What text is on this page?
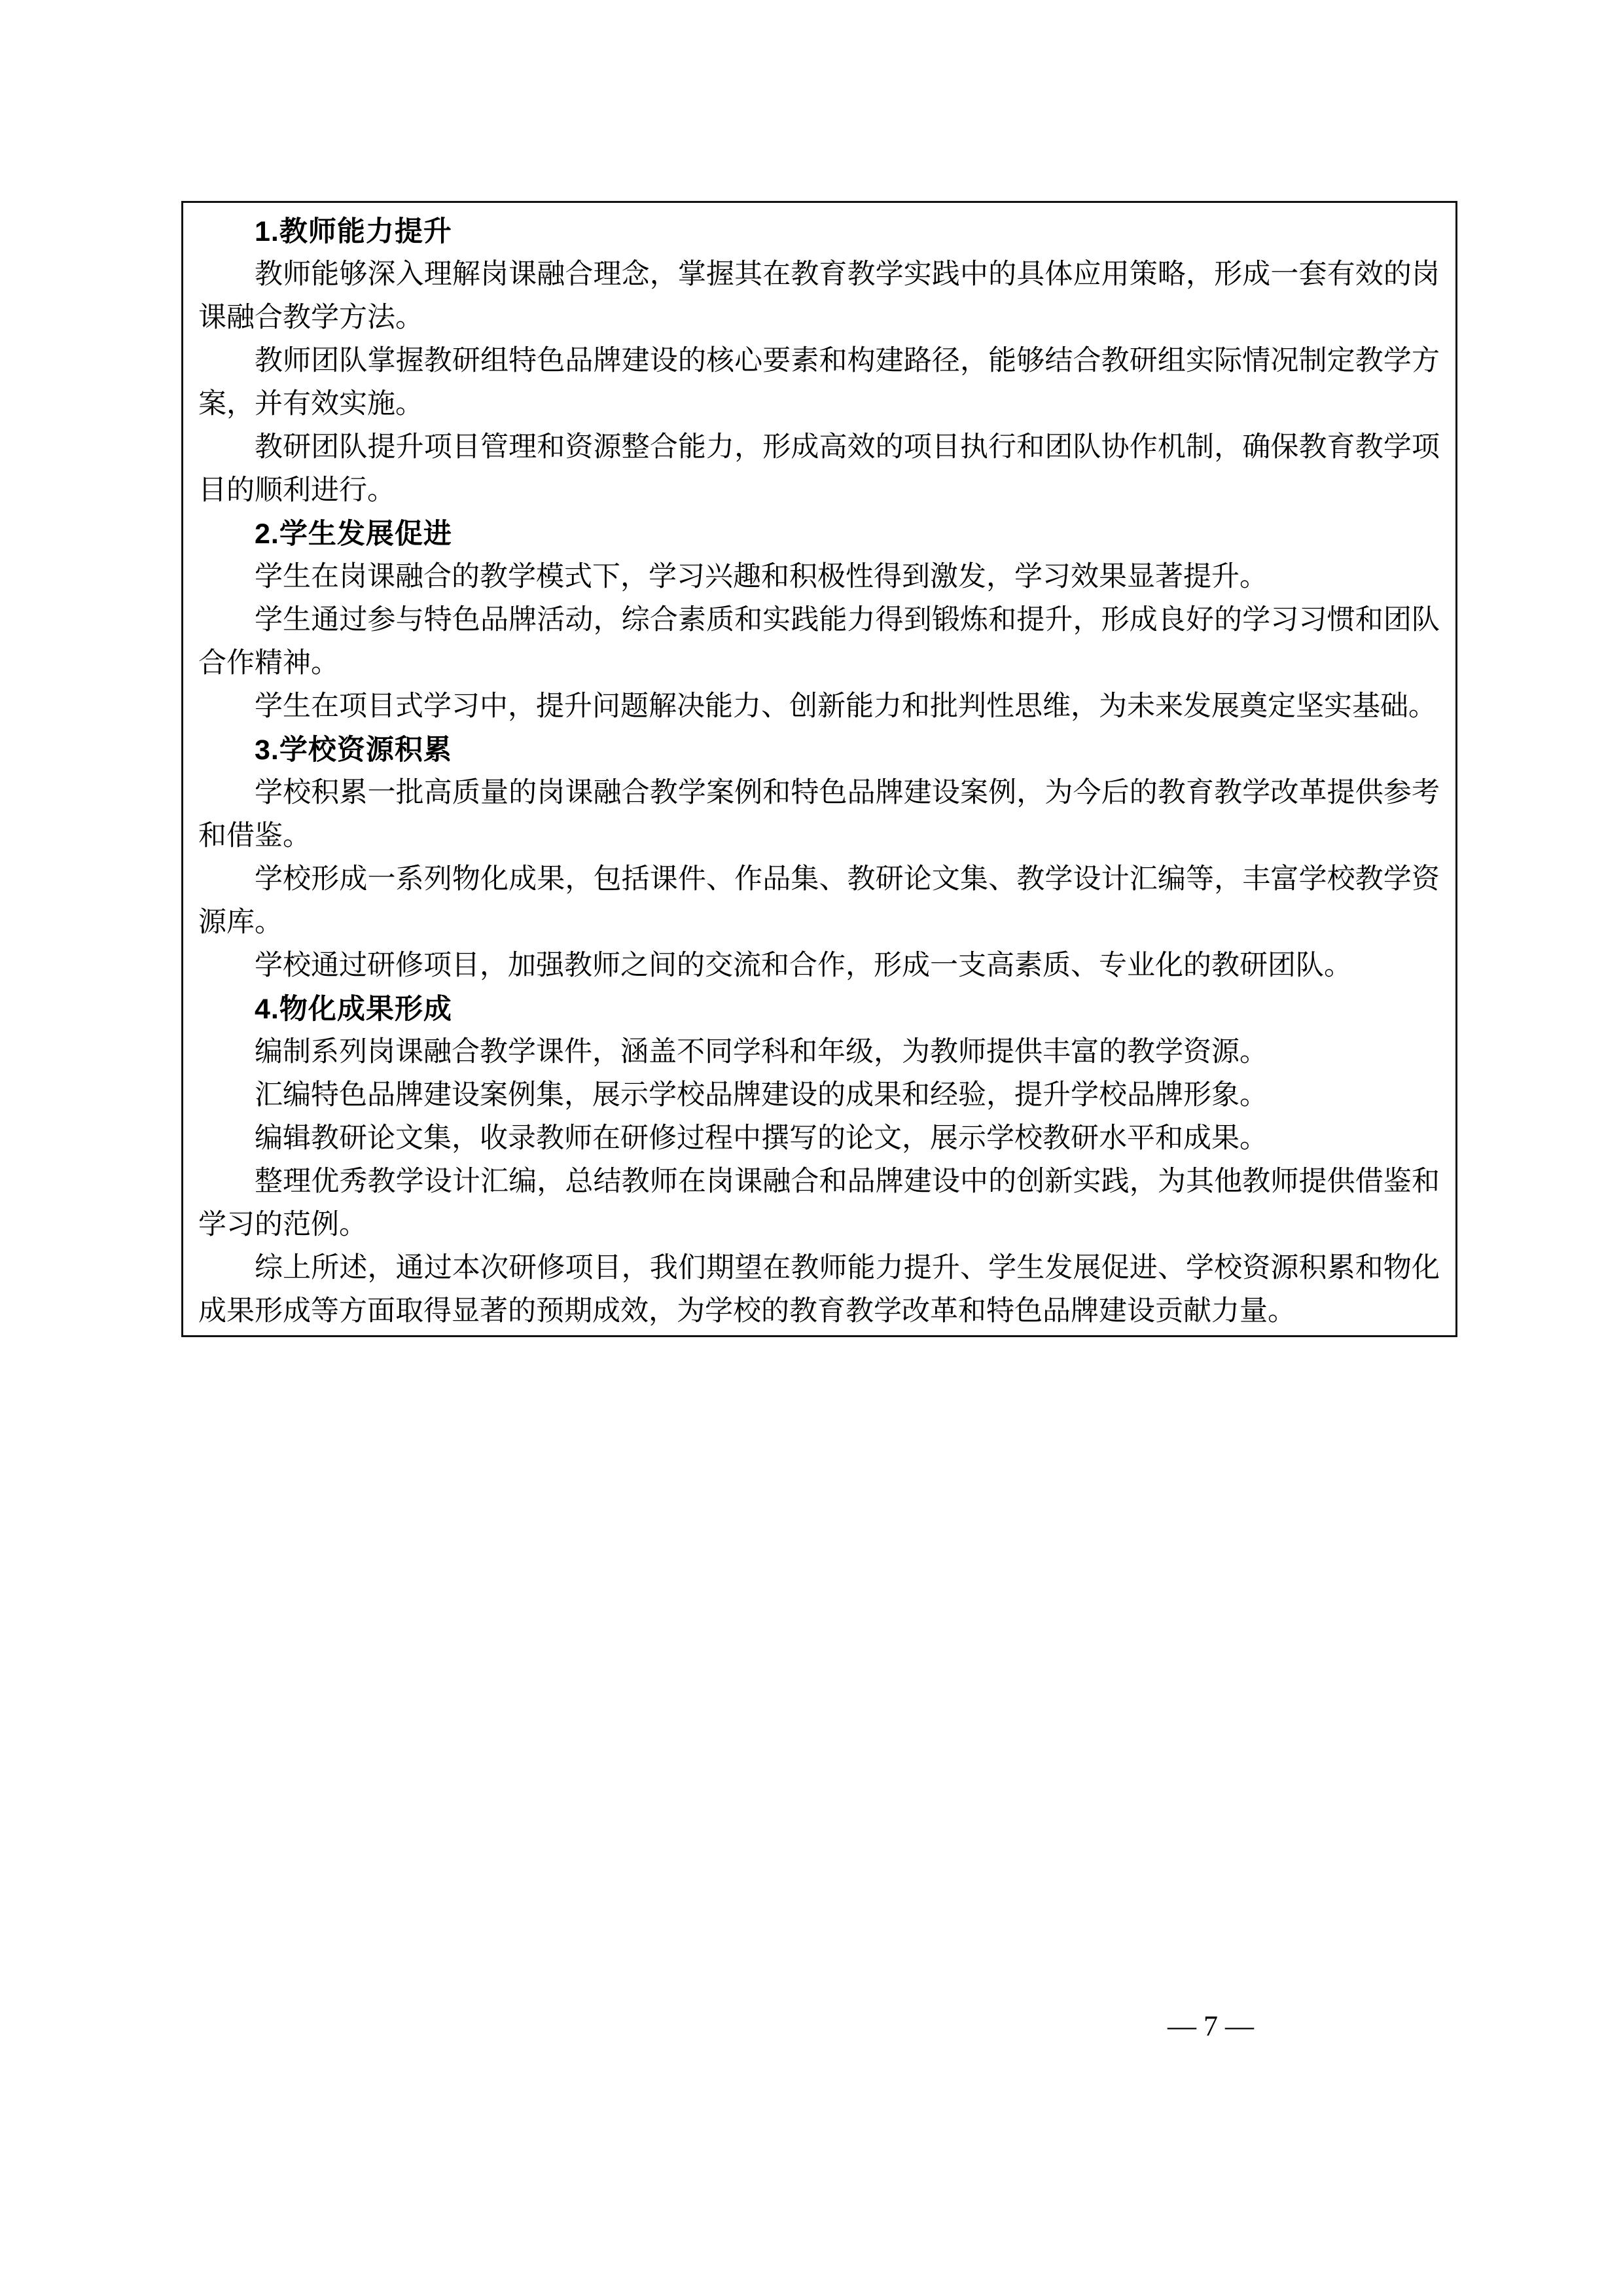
1.教师能力提升
教师能够深入理解岗课融合理念，掌握其在教育教学实践中的具体应用策略，形成一套有效的岗课融合教学方法。
教师团队掌握教研组特色品牌建设的核心要素和构建路径，能够结合教研组实际情况制定教学方案，并有效实施。
教研团队提升项目管理和资源整合能力，形成高效的项目执行和团队协作机制，确保教育教学项目的顺利进行。
2.学生发展促进
学生在岗课融合的教学模式下，学习兴趣和积极性得到激发，学习效果显著提升。
学生通过参与特色品牌活动，综合素质和实践能力得到锻炼和提升，形成良好的学习习惯和团队合作精神。
学生在项目式学习中，提升问题解决能力、创新能力和批判性思维，为未来发展奠定坚实基础。
3.学校资源积累
学校积累一批高质量的岗课融合教学案例和特色品牌建设案例，为今后的教育教学改革提供参考和借鉴。
学校形成一系列物化成果，包括课件、作品集、教研论文集、教学设计汇编等，丰富学校教学资源库。
学校通过研修项目，加强教师之间的交流和合作，形成一支高素质、专业化的教研团队。
4.物化成果形成
编制系列岗课融合教学课件，涵盖不同学科和年级，为教师提供丰富的教学资源。
汇编特色品牌建设案例集，展示学校品牌建设的成果和经验，提升学校品牌形象。
编辑教研论文集，收录教师在研修过程中撰写的论文，展示学校教研水平和成果。
整理优秀教学设计汇编，总结教师在岗课融合和品牌建设中的创新实践，为其他教师提供借鉴和学习的范例。
综上所述，通过本次研修项目，我们期望在教师能力提升、学生发展促进、学校资源积累和物化成果形成等方面取得显著的预期成效，为学校的教育教学改革和特色品牌建设贡献力量。
— 7 —
